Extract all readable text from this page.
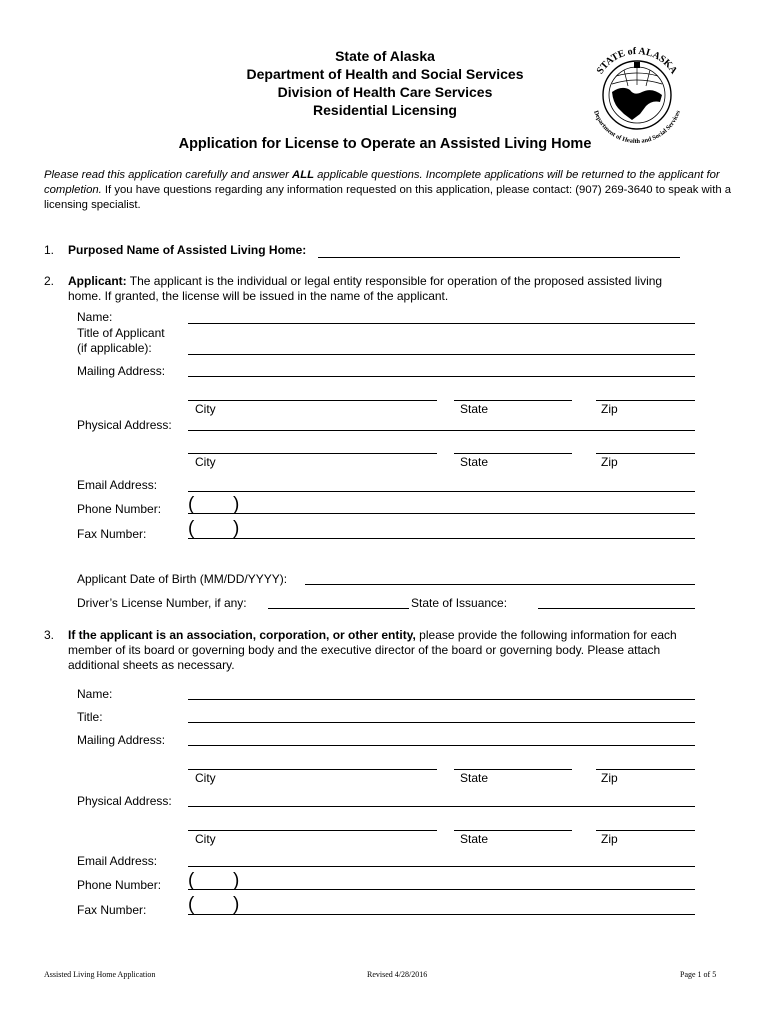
State of Alaska
Department of Health and Social Services
Division of Health Care Services
Residential Licensing
STATE of ALASKA
Department of Health and Social Services
Application for License to Operate an Assisted Living Home
Please read this application carefully and answer ALL applicable questions. Incomplete applications will be returned to the applicant for completion. If you have questions regarding any information requested on this application, please contact: (907) 269-3640 to speak with a licensing specialist.
1. Purposed Name of Assisted Living Home:
2. Applicant: The applicant is the individual or legal entity responsible for operation of the proposed assisted living home. If granted, the license will be issued in the name of the applicant.
Name:
Title of Applicant
(if applicable):
Mailing Address:
City	State	Zip
Physical Address:
City	State	Zip
Email Address:
Phone Number: ( )
Fax Number: ( )
Applicant Date of Birth (MM/DD/YYYY):
Driver’s License Number, if any:	State of Issuance:
3. If the applicant is an association, corporation, or other entity, please provide the following information for each member of its board or governing body and the executive director of the board or governing body. Please attach additional sheets as necessary.
Name:
Title:
Mailing Address:
City	State	Zip
Physical Address:
City	State	Zip
Email Address:
Phone Number: ( )
Fax Number: ( )
Assisted Living Home Application	Revised 4/28/2016	Page 1 of 5
